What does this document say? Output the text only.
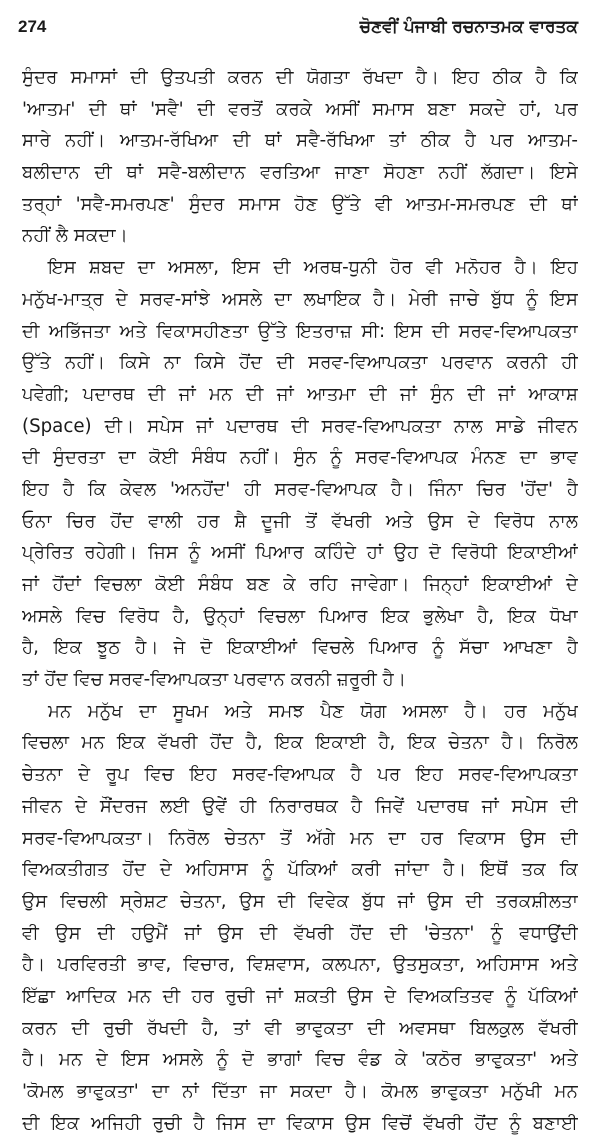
274	ਚੋਣਵੀਂ ਪੰਜਾਬੀ ਰਚਨਾਤਮਕ ਵਾਰਤਕ
ਸੁੰਦਰ ਸਮਾਸਾਂ ਦੀ ਉਤਪਤੀ ਕਰਨ ਦੀ ਯੋਗਤਾ ਰੱਖਦਾ ਹੈ। ਇਹ ਠੀਕ ਹੈ ਕਿ
'ਆਤਮ' ਦੀ ਥਾਂ 'ਸਵੈ' ਦੀ ਵਰਤੋਂ ਕਰਕੇ ਅਸੀਂ ਸਮਾਸ ਬਣਾ ਸਕਦੇ ਹਾਂ, ਪਰ
ਸਾਰੇ ਨਹੀਂ। ਆਤਮ-ਰੱਖਿਆ ਦੀ ਥਾਂ ਸਵੈ-ਰੱਖਿਆ ਤਾਂ ਠੀਕ ਹੈ ਪਰ ਆਤਮ-
ਬਲੀਦਾਨ ਦੀ ਥਾਂ ਸਵੈ-ਬਲੀਦਾਨ ਵਰਤਿਆ ਜਾਣਾ ਸੋਹਣਾ ਨਹੀਂ ਲੱਗਦਾ। ਇਸੇ
ਤਰ੍ਹਾਂ 'ਸਵੈ-ਸਮਰਪਣ' ਸੁੰਦਰ ਸਮਾਸ ਹੋਣ ਉੱਤੇ ਵੀ ਆਤਮ-ਸਮਰਪਣ ਦੀ ਥਾਂ
ਨਹੀਂ ਲੈ ਸਕਦਾ।
ਇਸ ਸ਼ਬਦ ਦਾ ਅਸਲਾ, ਇਸ ਦੀ ਅਰਥ-ਧੁਨੀ ਹੋਰ ਵੀ ਮਨੋਹਰ ਹੈ। ਇਹ
ਮਨੁੱਖ-ਮਾਤ੍ਰ ਦੇ ਸਰਵ-ਸਾਂਝੇ ਅਸਲੇ ਦਾ ਲਖਾਇਕ ਹੈ। ਮੇਰੀ ਜਾਚੇ ਬੁੱਧ ਨੂੰ ਇਸ
ਦੀ ਅਭਿੱਜਤਾ ਅਤੇ ਵਿਕਾਸਹੀਣਤਾ ਉੱਤੇ ਇਤਰਾਜ਼ ਸੀ: ਇਸ ਦੀ ਸਰਵ-ਵਿਆਪਕਤਾ
ਉੱਤੇ ਨਹੀਂ। ਕਿਸੇ ਨਾ ਕਿਸੇ ਹੋਂਦ ਦੀ ਸਰਵ-ਵਿਆਪਕਤਾ ਪਰਵਾਨ ਕਰਨੀ ਹੀ
ਪਵੇਗੀ; ਪਦਾਰਥ ਦੀ ਜਾਂ ਮਨ ਦੀ ਜਾਂ ਆਤਮਾ ਦੀ ਜਾਂ ਸੁੰਨ ਦੀ ਜਾਂ ਆਕਾਸ਼
(Space) ਦੀ। ਸਪੇਸ ਜਾਂ ਪਦਾਰਥ ਦੀ ਸਰਵ-ਵਿਆਪਕਤਾ ਨਾਲ ਸਾਡੇ ਜੀਵਨ
ਦੀ ਸੁੰਦਰਤਾ ਦਾ ਕੋਈ ਸੰਬੰਧ ਨਹੀਂ। ਸੁੰਨ ਨੂੰ ਸਰਵ-ਵਿਆਪਕ ਮੰਨਣ ਦਾ ਭਾਵ
ਇਹ ਹੈ ਕਿ ਕੇਵਲ 'ਅਨਹੋਂਦ' ਹੀ ਸਰਵ-ਵਿਆਪਕ ਹੈ। ਜਿੰਨਾ ਚਿਰ 'ਹੋਂਦ' ਹੈ
ਓਨਾ ਚਿਰ ਹੋਂਦ ਵਾਲੀ ਹਰ ਸ਼ੈ ਦੂਜੀ ਤੋਂ ਵੱਖਰੀ ਅਤੇ ਉਸ ਦੇ ਵਿਰੋਧ ਨਾਲ
ਪ੍ਰੇਰਿਤ ਰਹੇਗੀ। ਜਿਸ ਨੂੰ ਅਸੀਂ ਪਿਆਰ ਕਹਿੰਦੇ ਹਾਂ ਉਹ ਦੋ ਵਿਰੋਧੀ ਇਕਾਈਆਂ
ਜਾਂ ਹੋਂਦਾਂ ਵਿਚਲਾ ਕੋਈ ਸੰਬੰਧ ਬਣ ਕੇ ਰਹਿ ਜਾਵੇਗਾ। ਜਿਨ੍ਹਾਂ ਇਕਾਈਆਂ ਦੇ
ਅਸਲੇ ਵਿਚ ਵਿਰੋਧ ਹੈ, ਉਨ੍ਹਾਂ ਵਿਚਲਾ ਪਿਆਰ ਇਕ ਭੁਲੇਖਾ ਹੈ, ਇਕ ਧੋਖਾ
ਹੈ, ਇਕ ਝੂਠ ਹੈ। ਜੇ ਦੋ ਇਕਾਈਆਂ ਵਿਚਲੇ ਪਿਆਰ ਨੂੰ ਸੱਚਾ ਆਖਣਾ ਹੈ
ਤਾਂ ਹੋਂਦ ਵਿਚ ਸਰਵ-ਵਿਆਪਕਤਾ ਪਰਵਾਨ ਕਰਨੀ ਜ਼ਰੂਰੀ ਹੈ।
ਮਨ ਮਨੁੱਖ ਦਾ ਸੂਖਮ ਅਤੇ ਸਮਝ ਪੈਣ ਯੋਗ ਅਸਲਾ ਹੈ। ਹਰ ਮਨੁੱਖ
ਵਿਚਲਾ ਮਨ ਇਕ ਵੱਖਰੀ ਹੋਂਦ ਹੈ, ਇਕ ਇਕਾਈ ਹੈ, ਇਕ ਚੇਤਨਾ ਹੈ। ਨਿਰੋਲ
ਚੇਤਨਾ ਦੇ ਰੂਪ ਵਿਚ ਇਹ ਸਰਵ-ਵਿਆਪਕ ਹੈ ਪਰ ਇਹ ਸਰਵ-ਵਿਆਪਕਤਾ
ਜੀਵਨ ਦੇ ਸੌਂਦਰਜ ਲਈ ਉਵੇਂ ਹੀ ਨਿਰਾਰਥਕ ਹੈ ਜਿਵੇਂ ਪਦਾਰਥ ਜਾਂ ਸਪੇਸ ਦੀ
ਸਰਵ-ਵਿਆਪਕਤਾ। ਨਿਰੋਲ ਚੇਤਨਾ ਤੋਂ ਅੱਗੇ ਮਨ ਦਾ ਹਰ ਵਿਕਾਸ ਉਸ ਦੀ
ਵਿਅਕਤੀਗਤ ਹੋਂਦ ਦੇ ਅਹਿਸਾਸ ਨੂੰ ਪੱਕਿਆਂ ਕਰੀ ਜਾਂਦਾ ਹੈ। ਇਥੋਂ ਤਕ ਕਿ
ਉਸ ਵਿਚਲੀ ਸ੍ਰੇਸ਼ਟ ਚੇਤਨਾ, ਉਸ ਦੀ ਵਿਵੇਕ ਬੁੱਧ ਜਾਂ ਉਸ ਦੀ ਤਰਕਸ਼ੀਲਤਾ
ਵੀ ਉਸ ਦੀ ਹਉਮੈਂ ਜਾਂ ਉਸ ਦੀ ਵੱਖਰੀ ਹੋਂਦ ਦੀ 'ਚੇਤਨਾ' ਨੂੰ ਵਧਾਉਂਦੀ
ਹੈ। ਪਰਵਿਰਤੀ ਭਾਵ, ਵਿਚਾਰ, ਵਿਸ਼ਵਾਸ, ਕਲਪਨਾ, ਉਤਸੁਕਤਾ, ਅਹਿਸਾਸ ਅਤੇ
ਇੱਛਾ ਆਦਿਕ ਮਨ ਦੀ ਹਰ ਰੁਚੀ ਜਾਂ ਸ਼ਕਤੀ ਉਸ ਦੇ ਵਿਅਕਤਿਤਵ ਨੂੰ ਪੱਕਿਆਂ
ਕਰਨ ਦੀ ਰੁਚੀ ਰੱਖਦੀ ਹੈ, ਤਾਂ ਵੀ ਭਾਵੁਕਤਾ ਦੀ ਅਵਸਥਾ ਬਿਲਕੁਲ ਵੱਖਰੀ
ਹੈ। ਮਨ ਦੇ ਇਸ ਅਸਲੇ ਨੂੰ ਦੋ ਭਾਗਾਂ ਵਿਚ ਵੰਡ ਕੇ 'ਕਠੋਰ ਭਾਵੁਕਤਾ' ਅਤੇ
'ਕੋਮਲ ਭਾਵੁਕਤਾ' ਦਾ ਨਾਂ ਦਿੱਤਾ ਜਾ ਸਕਦਾ ਹੈ। ਕੋਮਲ ਭਾਵੁਕਤਾ ਮਨੁੱਖੀ ਮਨ
ਦੀ ਇਕ ਅਜਿਹੀ ਰੁਚੀ ਹੈ ਜਿਸ ਦਾ ਵਿਕਾਸ ਉਸ ਵਿਚੋਂ ਵੱਖਰੀ ਹੋਂਦ ਨੂੰ ਬਣਾਈ
